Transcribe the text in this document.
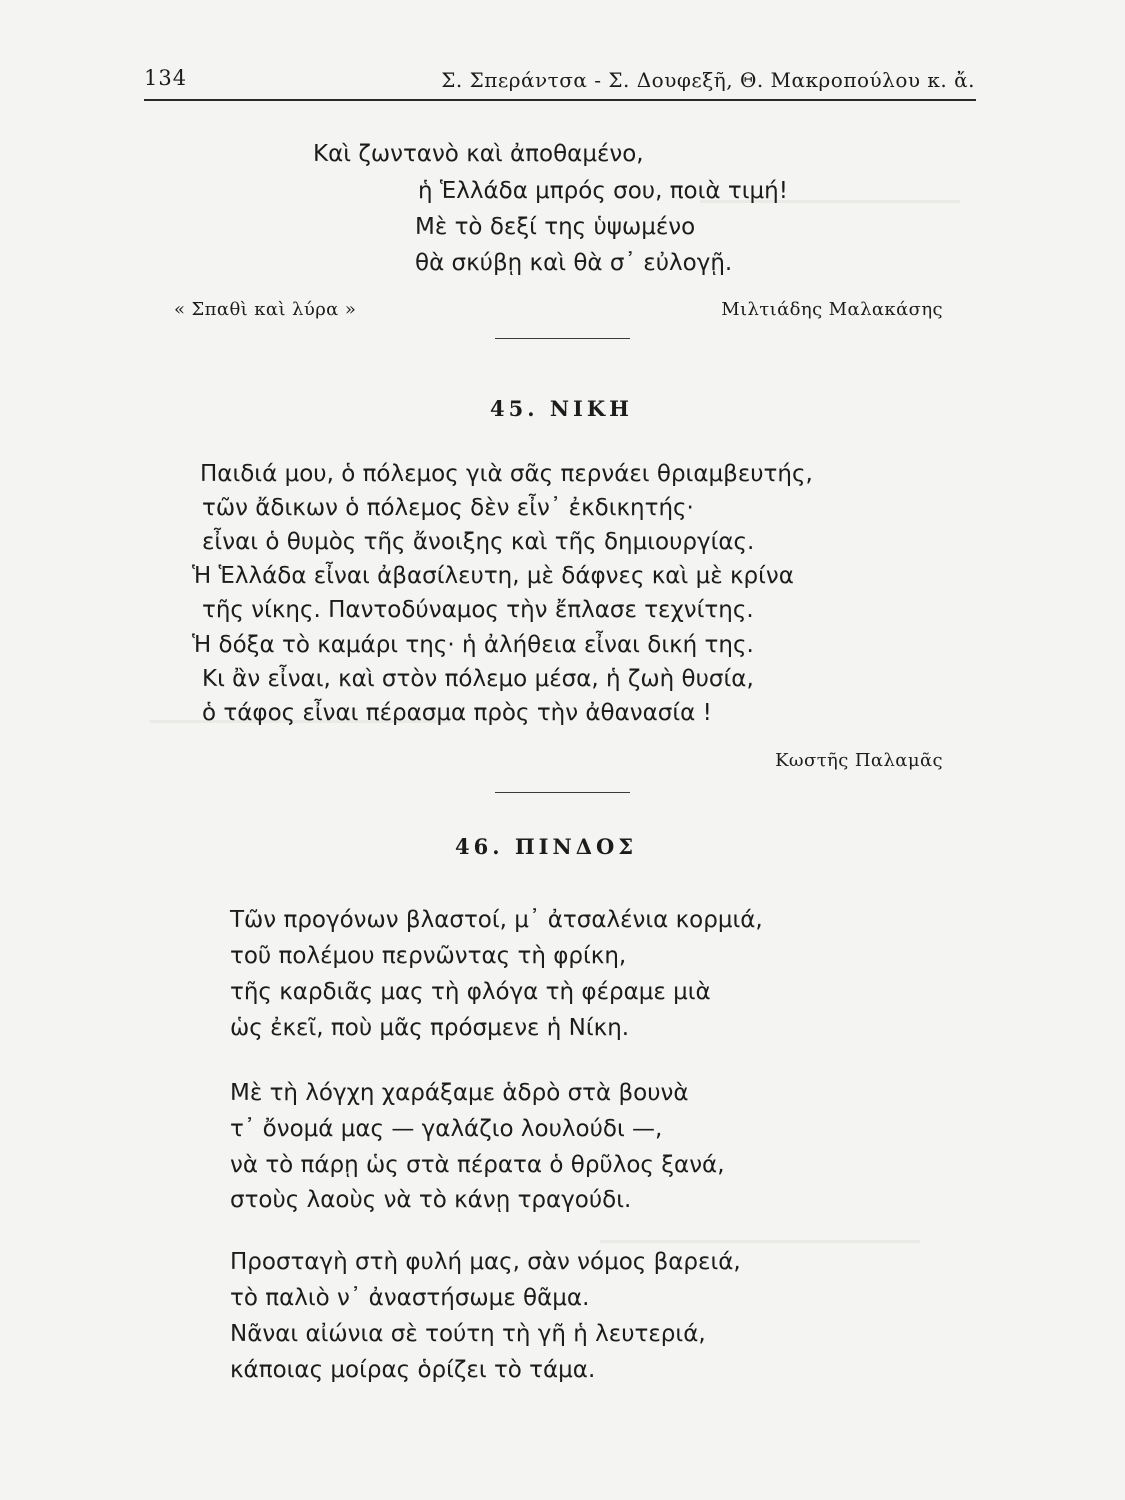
134	Σ. Σπεράντσα - Σ. Δουφεξῆ, Θ. Μακροπούλου κ. ἄ.
Καὶ ζωντανὸ καὶ ἀποθαμένο,
ἡ Ἑλλάδα μπρός σου, ποιὰ τιμή!
Μὲ τὸ δεξί της ὑψωμένο
θὰ σκύβῃ καὶ θὰ σ᾽ εὐλογῇ.
« Σπαθὶ καὶ λύρα »	Μιλτιάδης Μαλακάσης
45. ΝΙΚΗ
Παιδιά μου, ὁ πόλεμος γιὰ σᾶς περνάει θριαμβευτής,
τῶν ἄδικων ὁ πόλεμος δὲν εἶν᾽ ἐκδικητής·
εἶναι ὁ θυμὸς τῆς ἄνοιξης καὶ τῆς δημιουργίας.
Ἡ Ἑλλάδα εἶναι ἀβασίλευτη, μὲ δάφνες καὶ μὲ κρίνα
τῆς νίκης. Παντοδύναμος τὴν ἔπλασε τεχνίτης.
Ἡ δόξα τὸ καμάρι της· ἡ ἀλήθεια εἶναι δική της.
Κι ἂν εἶναι, καὶ στὸν πόλεμο μέσα, ἡ ζωὴ θυσία,
ὁ τάφος εἶναι πέρασμα πρὸς τὴν ἀθανασία !
Κωστῆς Παλαμᾶς
46. ΠΙΝΔΟΣ
Τῶν προγόνων βλαστοί, μ᾽ ἀτσαλένια κορμιά,
τοῦ πολέμου περνῶντας τὴ φρίκη,
τῆς καρδιᾶς μας τὴ φλόγα τὴ φέραμε μιὰ
ὡς ἐκεῖ, ποὺ μᾶς πρόσμενε ἡ Νίκη.
Μὲ τὴ λόγχη χαράξαμε ἁδρὸ στὰ βουνὰ
τ᾽ ὄνομά μας — γαλάζιο λουλούδι —,
νὰ τὸ πάρῃ ὡς στὰ πέρατα ὁ θρῦλος ξανά,
στοὺς λαοὺς νὰ τὸ κάνῃ τραγούδι.
Προσταγὴ στὴ φυλή μας, σὰν νόμος βαρειά,
τὸ παλιὸ ν᾽ ἀναστήσωμε θᾶμα.
Νᾶναι αἰώνια σὲ τούτη τὴ γῆ ἡ λευτεριά,
κάποιας μοίρας ὁρίζει τὸ τάμα.
